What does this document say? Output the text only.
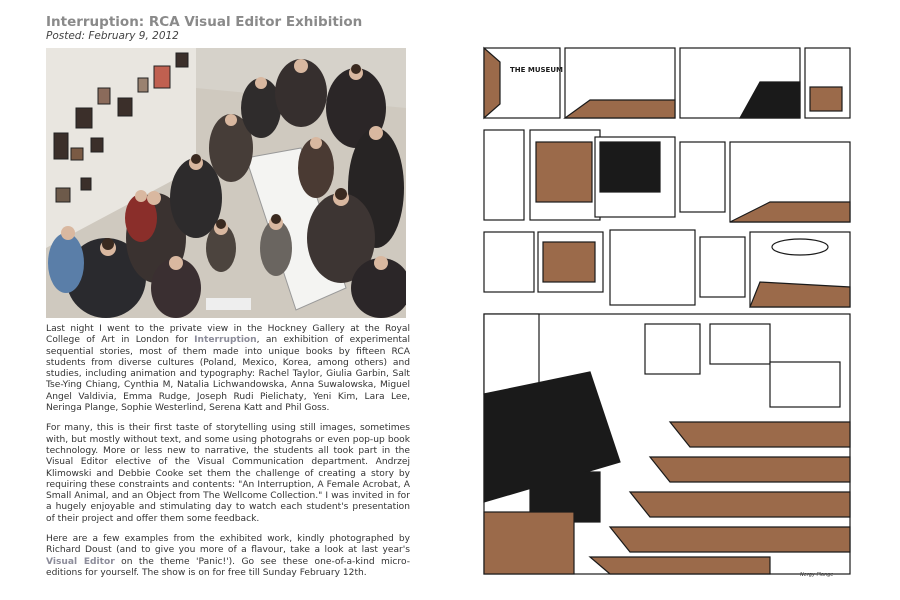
Interruption: RCA Visual Editor Exhibition

Posted: February 9, 2012

Last night I went to the private view in the Hockney Gallery at the Royal College of Art in London for Interruption, an exhibition of experimental sequential stories, most of them made into unique books by fifteen RCA students from diverse cultures (Poland, Mexico, Korea, among others) and studies, including animation and typography: Rachel Taylor, Giulia Garbin, Salt Tse-Ying Chiang, Cynthia M, Natalia Lichwandowska, Anna Suwalowska, Miguel Angel Valdivia, Emma Rudge, Joseph Rudi Pielichaty, Yeni Kim, Lara Lee, Neringa Plange, Sophie Westerlind, Serena Katt and Phil Goss.

For many, this is their first taste of storytelling using still images, sometimes with, but mostly without text, and some using photograhs or even pop-up book technology. More or less new to narrative, the students all took part in the Visual Editor elective of the Visual Communication department. Andrzej Klimowski and Debbie Cooke set them the challenge of creating a story by requiring these constraints and contents: "An Interruption, A Female Acrobat, A Small Animal, and an Object from The Wellcome Collection." I was invited in for a hugely enjoyable and stimulating day to watch each student's presentation of their project and offer them some feedback.

Here are a few examples from the exhibited work, kindly photographed by Richard Doust (and to give you more of a flavour, take a look at last year's Visual Editor on the theme 'Panic!'). Go see these one-of-a-kind micro-editions for yourself. The show is on for free till Sunday February 12th.

THE MUSEUM
Nergy Plange
